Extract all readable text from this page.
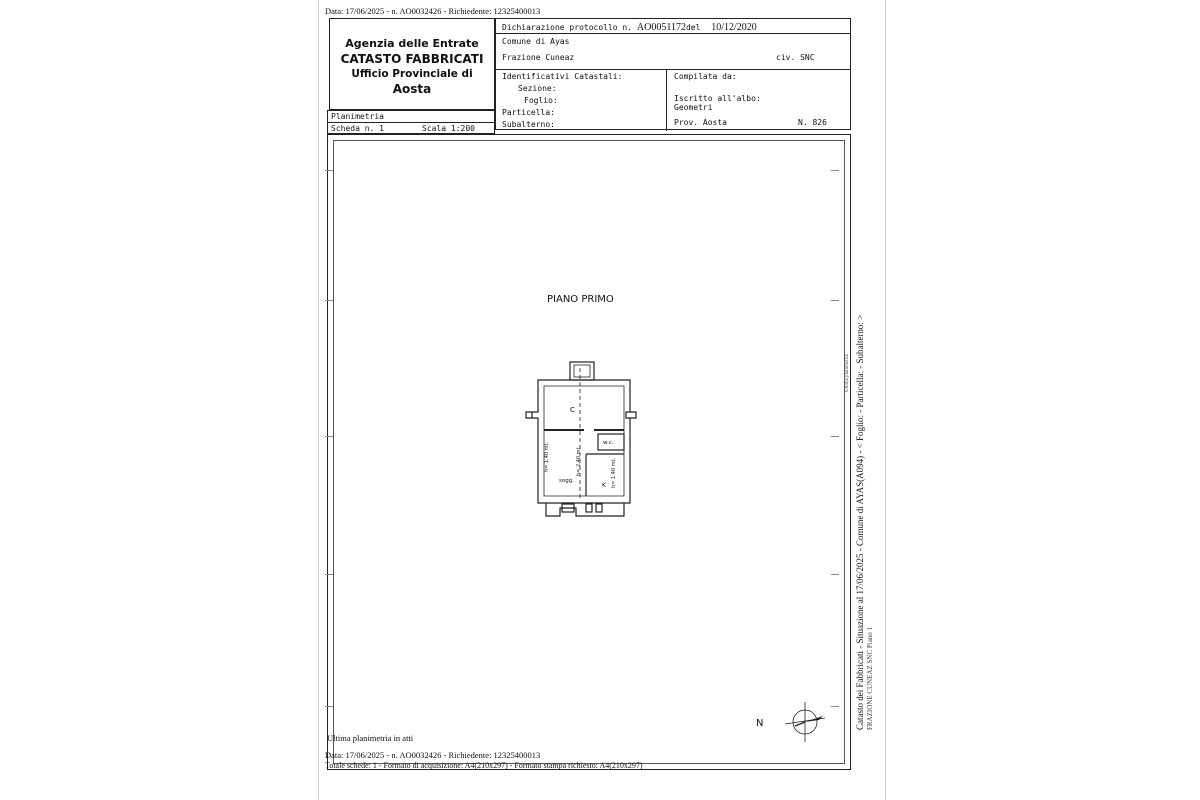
Data: 17/06/2025 - n. AO0032426 - Richiedente: 12325400013
Agenzia delle Entrate
CATASTO FABBRICATI
Ufficio Provinciale di
Aosta
Dichiarazione protocollo n. AO0051172del 10/12/2020
Comune di Ayas
Frazione Cuneaz	civ. SNC
Identificativi Catastali:
Sezione:
Foglio:
Particella:
Subalterno:
Compilata da:
Iscritto all'albo:
Geometri
Prov. Aosta	N. 826
Planimetria
Scheda n. 1	Scala 1:200
PIANO PRIMO
C
w.c.
sogg.
K
h= 1.40 mt.	h= 2.40 mt.	h= 1.40 mt.
N
Ultima planimetria in atti
Data: 17/06/2025 - n. AO0032426 - Richiedente: 12325400013
Totale schede: 1 - Formato di acquisizione: A4(210x297) - Formato stampa richiesto: A4(210x297)
Catasto dei Fabbricati - Situazione al 17/06/2025 - Comune di AYAS(A094) - < Foglio: - Particella: - Subalterno: > FRAZIONE CUNEAZ SNC Piano 1
Ultima planimetria
